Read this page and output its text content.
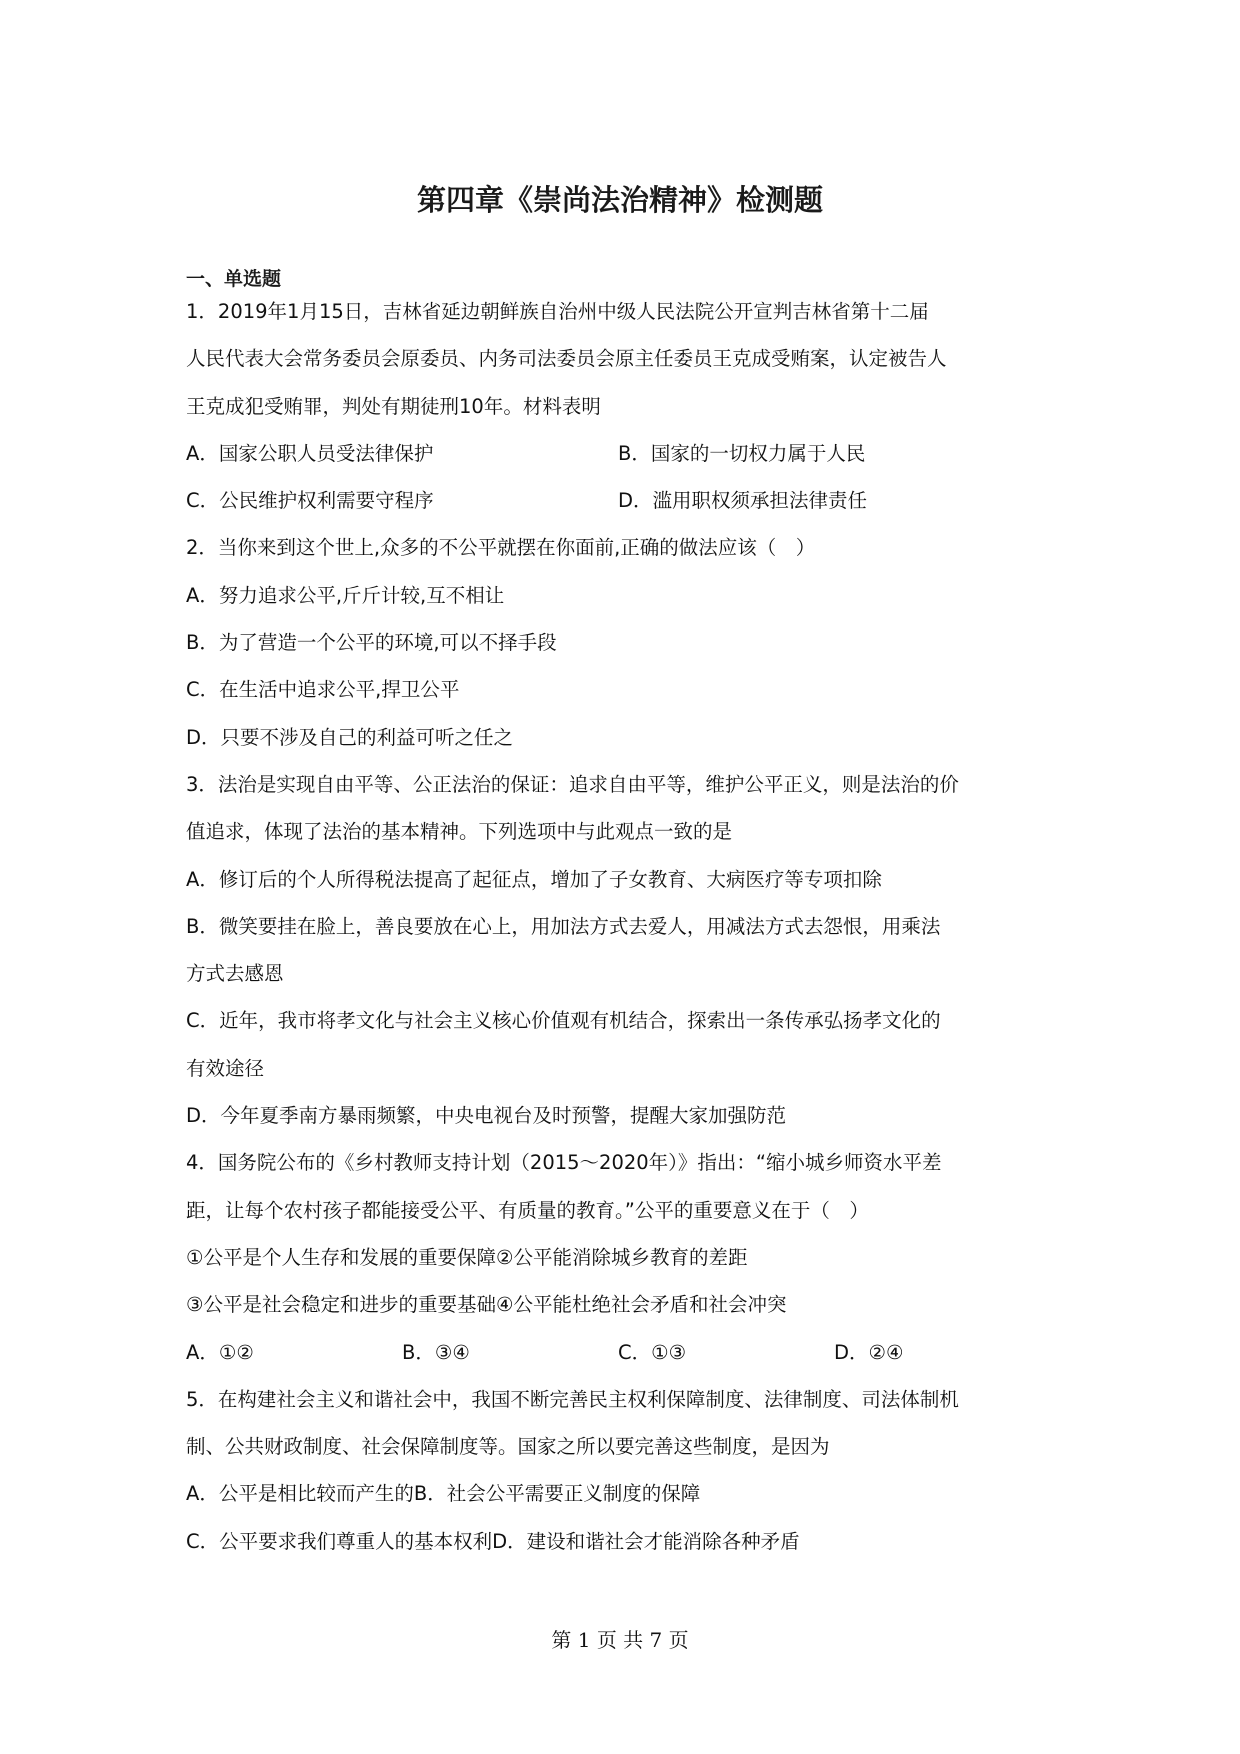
第四章《崇尚法治精神》检测题
一、单选题
1．2019年1月15日，吉林省延边朝鲜族自治州中级人民法院公开宣判吉林省第十二届
人民代表大会常务委员会原委员、内务司法委员会原主任委员王克成受贿案，认定被告人
王克成犯受贿罪，判处有期徒刑10年。材料表明
A．国家公职人员受法律保护	B．国家的一切权力属于人民
C．公民维护权利需要守程序	D．滥用职权须承担法律责任
2．当你来到这个世上,众多的不公平就摆在你面前,正确的做法应该（　）
A．努力追求公平,斤斤计较,互不相让
B．为了营造一个公平的环境,可以不择手段
C．在生活中追求公平,捍卫公平
D．只要不涉及自己的利益可听之任之
3．法治是实现自由平等、公正法治的保证：追求自由平等，维护公平正义，则是法治的价
值追求，体现了法治的基本精神。下列选项中与此观点一致的是
A．修订后的个人所得税法提高了起征点，增加了子女教育、大病医疗等专项扣除
B．微笑要挂在脸上，善良要放在心上，用加法方式去爱人，用减法方式去怨恨，用乘法
方式去感恩
C．近年，我市将孝文化与社会主义核心价值观有机结合，探索出一条传承弘扬孝文化的
有效途径
D．今年夏季南方暴雨频繁，中央电视台及时预警，提醒大家加强防范
4．国务院公布的《乡村教师支持计划（2015～2020年）》指出：“缩小城乡师资水平差
距，让每个农村孩子都能接受公平、有质量的教育。”公平的重要意义在于（　）
①公平是个人生存和发展的重要保障②公平能消除城乡教育的差距
③公平是社会稳定和进步的重要基础④公平能杜绝社会矛盾和社会冲突
A．①②	B．③④	C．①③	D．②④
5．在构建社会主义和谐社会中，我国不断完善民主权利保障制度、法律制度、司法体制机
制、公共财政制度、社会保障制度等。国家之所以要完善这些制度，是因为
A．公平是相比较而产生的B．社会公平需要正义制度的保障
C．公平要求我们尊重人的基本权利D．建设和谐社会才能消除各种矛盾
第 1 页 共 7 页
